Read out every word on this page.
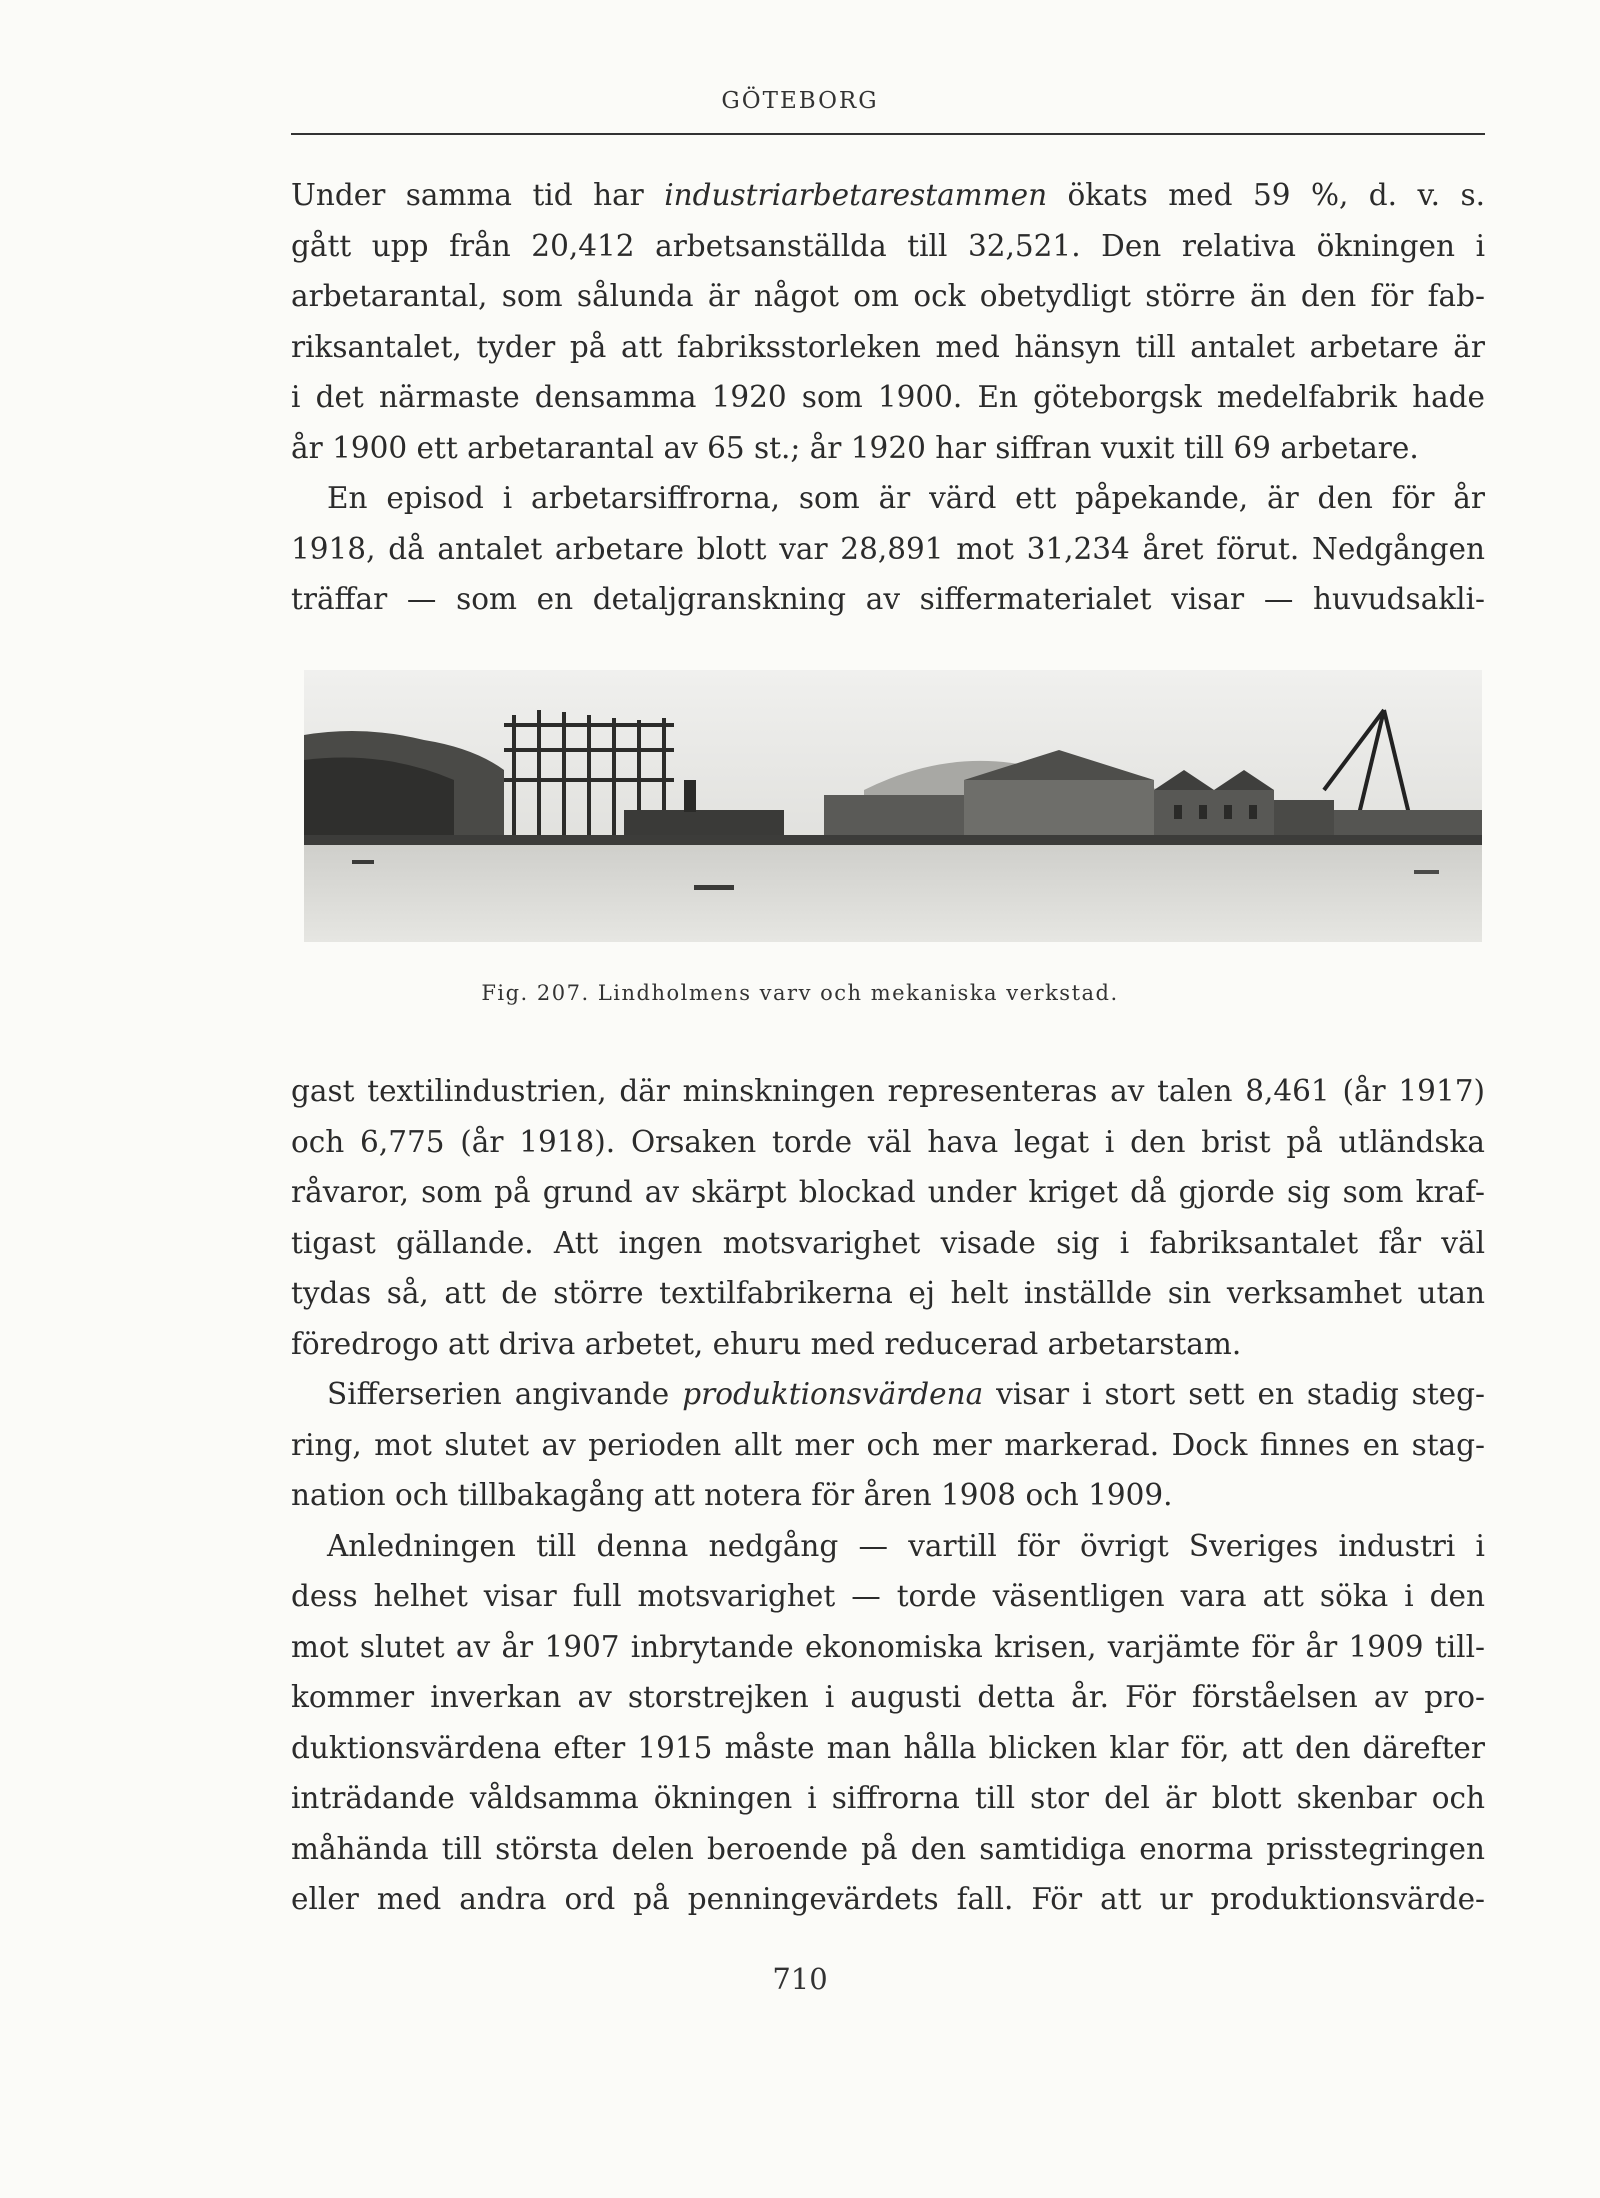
GÖTEBORG
Under samma tid har industriarbetarestammen ökats med 59 %, d. v. s.
gått upp från 20,412 arbetsanställda till 32,521. Den relativa ökningen i
arbetarantal, som sålunda är något om ock obetydligt större än den för fab-
riksantalet, tyder på att fabriksstorleken med hänsyn till antalet arbetare är
i det närmaste densamma 1920 som 1900. En göteborgsk medelfabrik hade
år 1900 ett arbetarantal av 65 st.; år 1920 har siffran vuxit till 69 arbetare.
En episod i arbetarsiffrorna, som är värd ett påpekande, är den för år
1918, då antalet arbetare blott var 28,891 mot 31,234 året förut. Nedgången
träffar — som en detaljgranskning av siffermaterialet visar — huvudsakli-
Fig. 207. Lindholmens varv och mekaniska verkstad.
gast textilindustrien, där minskningen representeras av talen 8,461 (år 1917)
och 6,775 (år 1918). Orsaken torde väl hava legat i den brist på utländska
råvaror, som på grund av skärpt blockad under kriget då gjorde sig som kraf-
tigast gällande. Att ingen motsvarighet visade sig i fabriksantalet får väl
tydas så, att de större textilfabrikerna ej helt inställde sin verksamhet utan
föredrogo att driva arbetet, ehuru med reducerad arbetarstam.
Sifferserien angivande produktionsvärdena visar i stort sett en stadig steg-
ring, mot slutet av perioden allt mer och mer markerad. Dock finnes en stag-
nation och tillbakagång att notera för åren 1908 och 1909.
Anledningen till denna nedgång — vartill för övrigt Sveriges industri i
dess helhet visar full motsvarighet — torde väsentligen vara att söka i den
mot slutet av år 1907 inbrytande ekonomiska krisen, varjämte för år 1909 till-
kommer inverkan av storstrejken i augusti detta år. För förståelsen av pro-
duktionsvärdena efter 1915 måste man hålla blicken klar för, att den därefter
inträdande våldsamma ökningen i siffrorna till stor del är blott skenbar och
måhända till största delen beroende på den samtidiga enorma prisstegringen
eller med andra ord på penningevärdets fall. För att ur produktionsvärde-
710
